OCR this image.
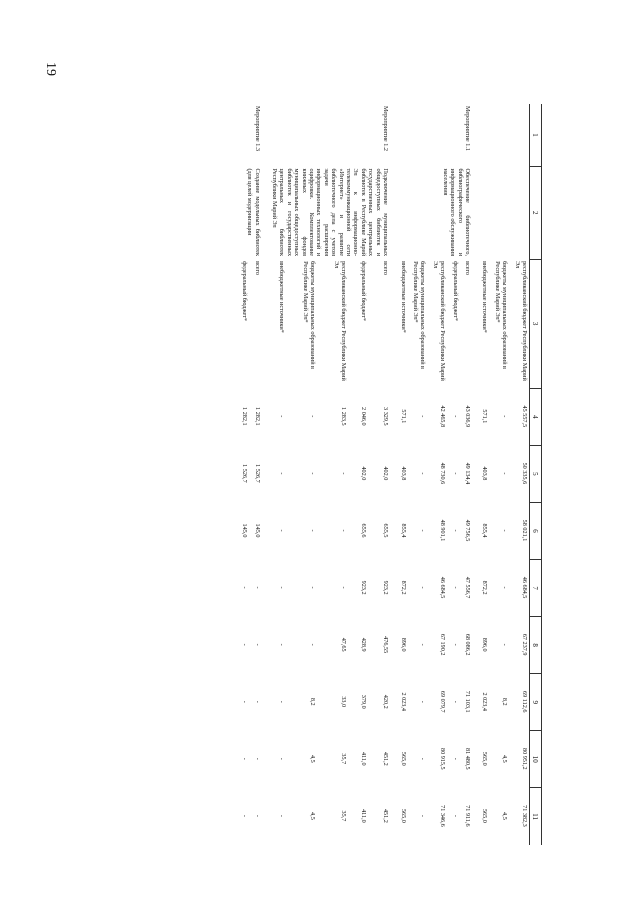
19
1	2	3	4	5	6	7	8	9	10	11
		республиканский бюджет Республики Марий Эл	45 557,5	50 335,6	58 021,1	46 684,5	67 237,9	69 112,6	80 951,2	71 382,3
		бюджеты муниципальных образований в Республике Марий Эл*	-	-	-	-	-	8,2	4,5	4,5
		внебюджетные источники*	571,1	403,8	855,4	872,2	896,0	2 023,4	565,0	565,0
Мероприятие 1.1	Обеспечение библиотечного, библиографического и информационного обслуживания населения	всего	43 036,9	49 134,4	49 756,5	47 556,7	68 086,2	71 103,1	81 480,5	71 911,6
		федеральный бюджет*	-	-	-	-	-	-	-	-
		республиканский бюджет Республики Марий Эл	42 465,8	48 730,6	48 901,1	46 684,5	67 190,2	69 079,7	80 915,5	71 346,6
		бюджеты муниципальных образований в Республике Марий Эл*	-	-	-	-	-	-	-	-
		внебюджетные источники*	571,1	403,8	855,4	872,2	896,0	2 023,4	565,0	565,0
Мероприятие 1.2	Подключение муниципальных общедоступных библиотек и государственных центральных библиотек в Республике Марий Эл к информационно-телекоммуникационной сети «Интернет» и развитие библиотечного дела с учетом задачи расширения информационных технологий и оцифровки. Комплектование книжных фондов муниципальных общедоступных библиотек и государственных центральных библиотек Республики Марий Эл	всего	3 329,5	402,0	655,5	923,2	476,55	420,2	451,2	451,2
		федеральный бюджет*	2 046,0	402,0	655,6	923,2	428,9	379,0	411,0	411,0
		республиканский бюджет Республики Марий Эл	1 283,5	-	-	-	47,65	33,0	35,7	35,7
		бюджеты муниципальных образований в Республике Марий Эл*	-	-	-	-	-	8,2	4,5	4,5
		внебюджетные источники*	-	-	-	-	-	-	-	-
Мероприятие 1.3	Создание модельных библиотек (для целей модернизации	всего	1 282,1	1 526,7	145,0	-	-	-	-	-
		федеральный бюджет*	1 282,1	1 526,7	145,0	-	-	-	-	-
